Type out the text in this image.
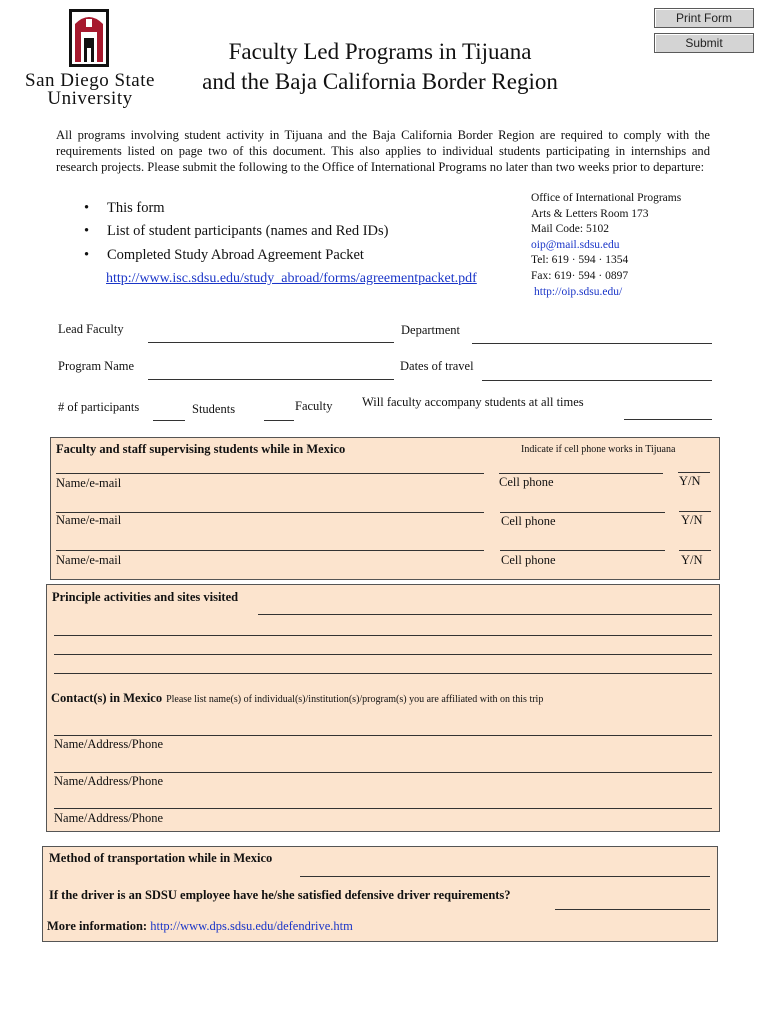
Print Form
Submit
San Diego State
University
Faculty Led Programs in Tijuana
and the Baja California Border Region
All programs involving student activity in Tijuana and the Baja California Border Region are required to comply with the requirements listed on page two of this document. This also applies to individual students participating in internships and research projects. Please submit the following to the Office of International Programs no later than two weeks prior to departure:
• This form
• List of student participants (names and Red IDs)
• Completed Study Abroad Agreement Packet
http://www.isc.sdsu.edu/study_abroad/forms/agreementpacket.pdf
Office of International Programs
Arts & Letters Room 173
Mail Code: 5102
oip@mail.sdsu.edu
Tel: 619 · 594 · 1354
Fax: 619· 594 · 0897
http://oip.sdsu.edu/
Lead Faculty	Department
Program Name	Dates of travel
# of participants	Students	Faculty Will faculty accompany students at all times
Faculty and staff supervising students while in Mexico	Indicate if cell phone works in Tijuana
Name/e-mail	Cell phone	Y/N
Name/e-mail	Cell phone	Y/N
Name/e-mail	Cell phone	Y/N
Principle activities and sites visited
Contact(s) in Mexico Please list name(s) of individual(s)/institution(s)/program(s) you are affiliated with on this trip
Name/Address/Phone
Name/Address/Phone
Name/Address/Phone
Method of transportation while in Mexico
If the driver is an SDSU employee have he/she satisfied defensive driver requirements?
More information: http://www.dps.sdsu.edu/defendrive.htm
